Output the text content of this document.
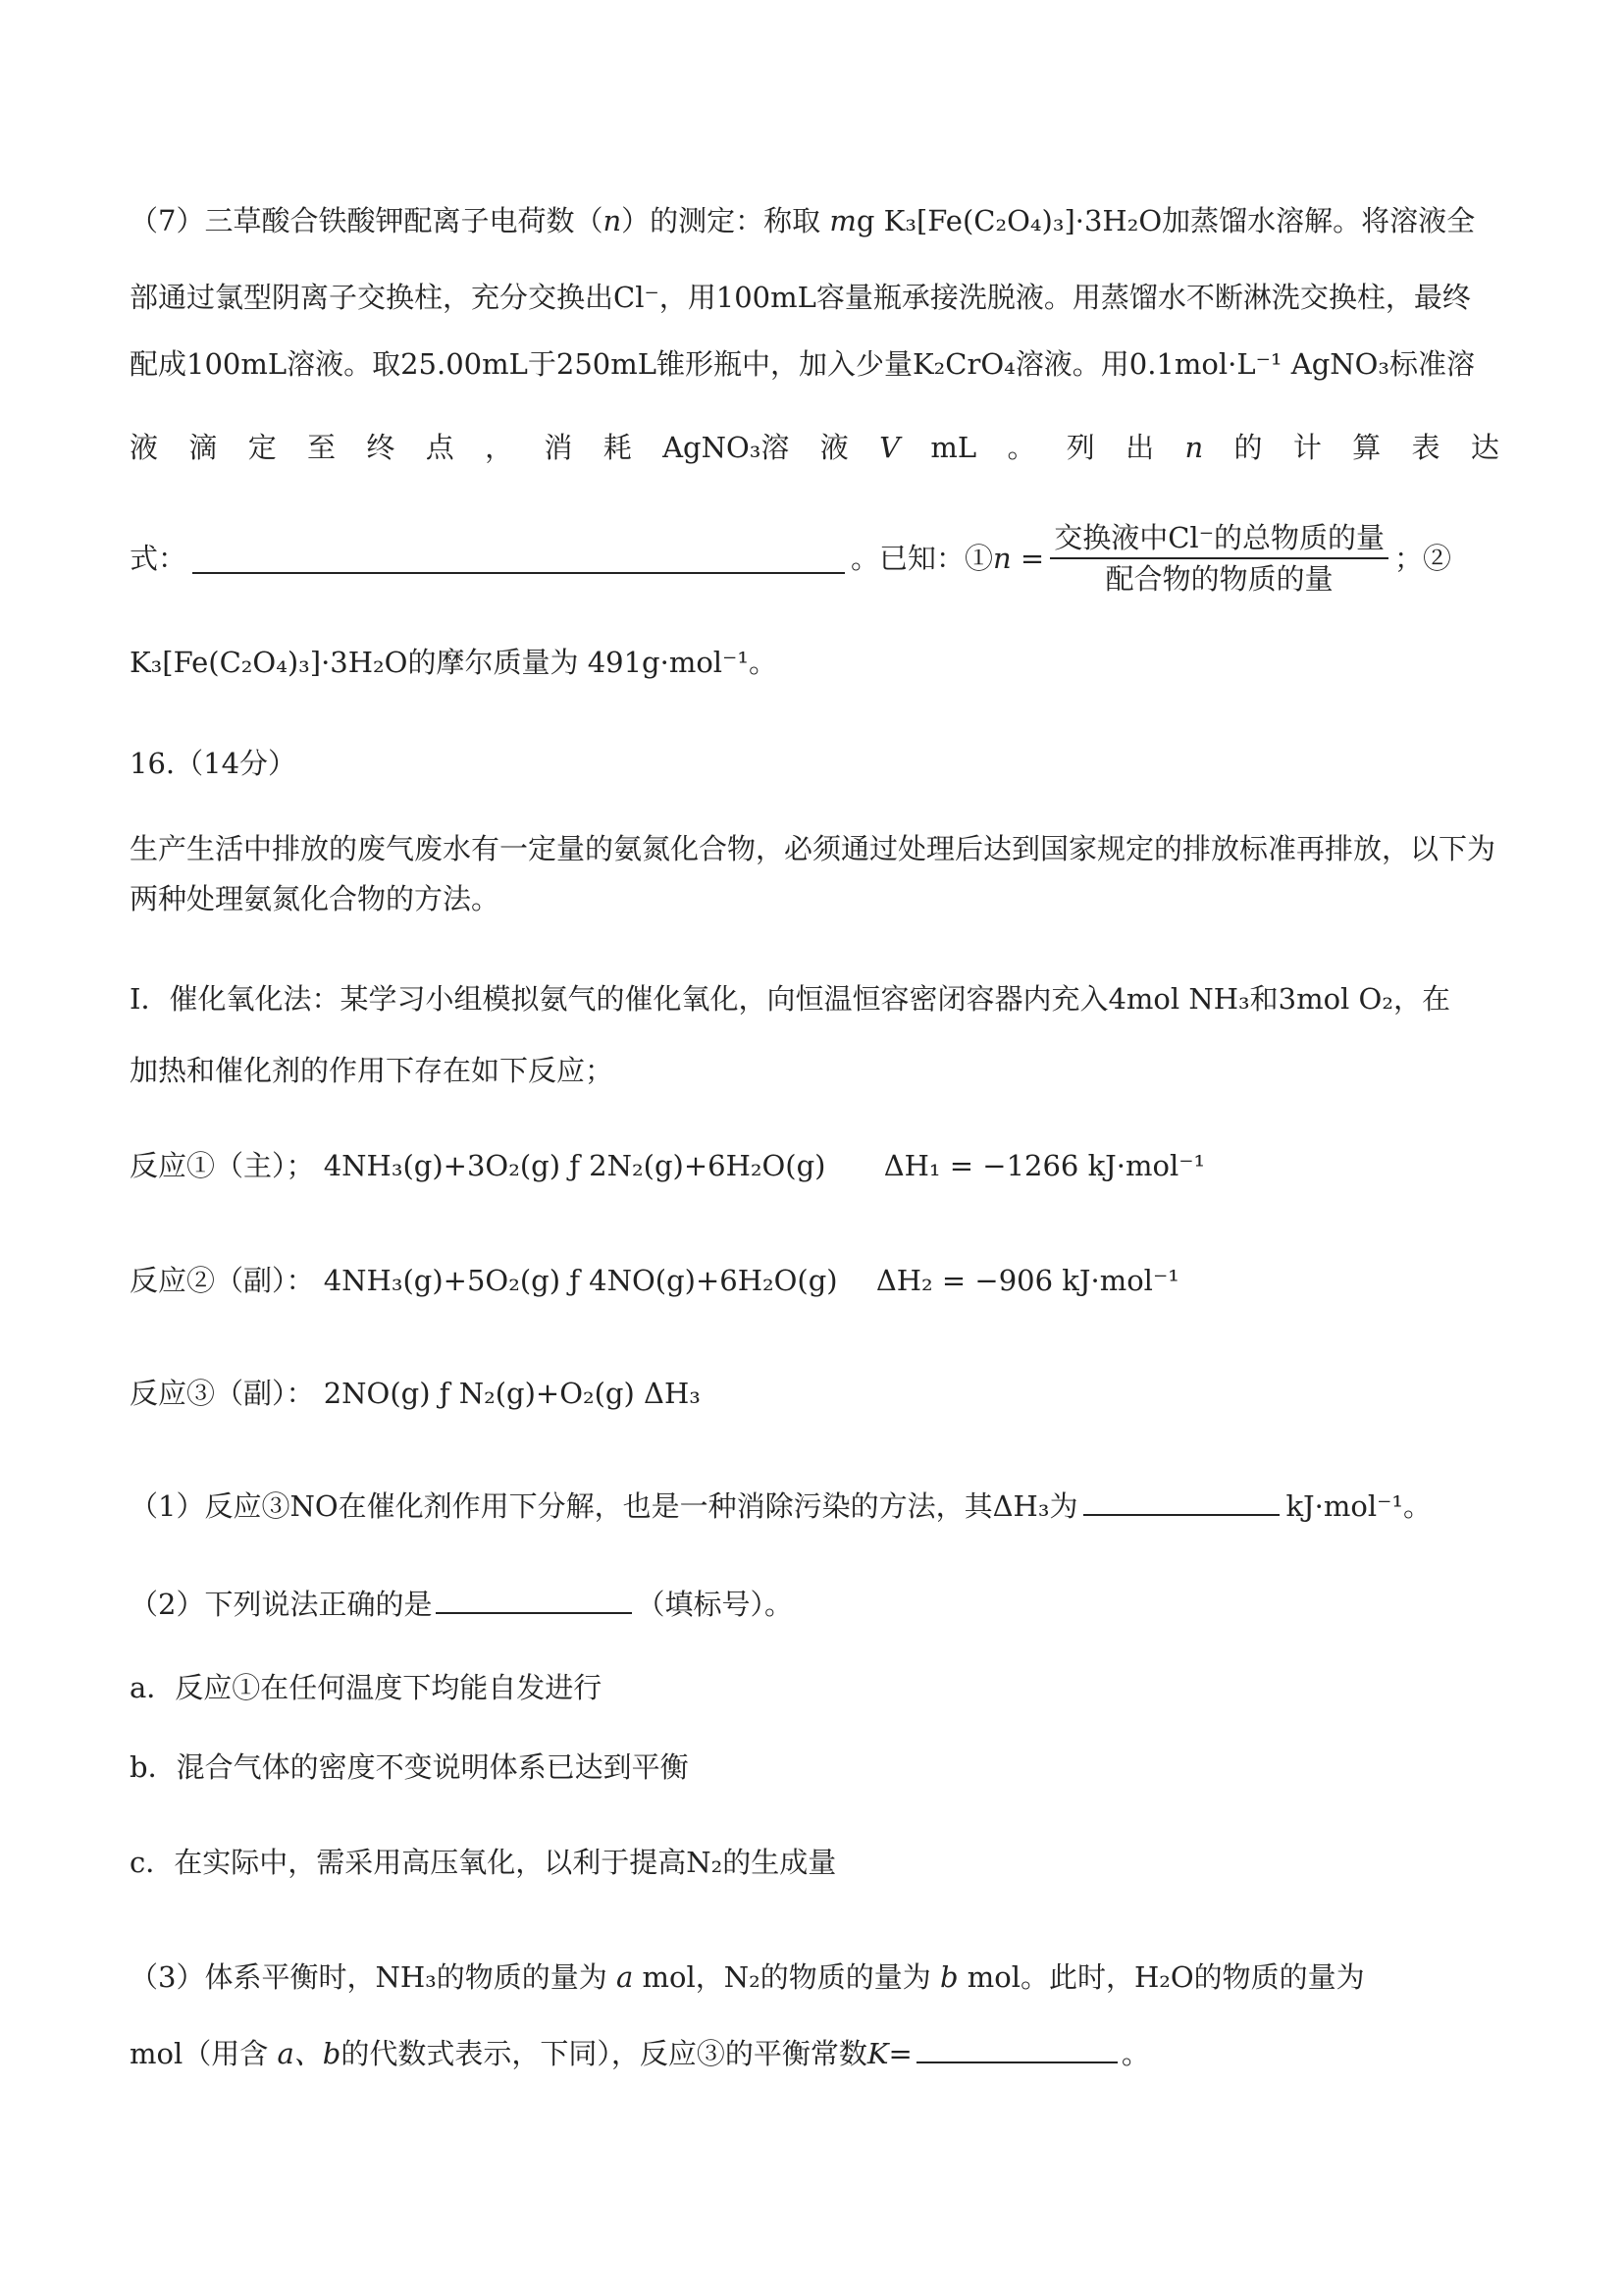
（7）三草酸合铁酸钾配离子电荷数（n）的测定：称取 mg K₃[Fe(C₂O₄)₃]·3H₂O加蒸馏水溶解。将溶液全
部通过氯型阴离子交换柱，充分交换出Cl⁻，用100mL容量瓶承接洗脱液。用蒸馏水不断淋洗交换柱，最终
配成100mL溶液。取25.00mL于250mL锥形瓶中，加入少量K₂CrO₄溶液。用0.1mol·L⁻¹ AgNO₃标准溶
液 滴 定 至 终 点 ， 消 耗 AgNO₃溶 液 V mL 。 列 出 n 的 计 算 表 达
式：	。已知：① $n = \frac{\text{交换液中Cl⁻的总物质的量}}{\text{配合物的物质的量}}$ ；②
K₃[Fe(C₂O₄)₃]·3H₂O的摩尔质量为 491g·mol⁻¹。
16.（14分）
生产生活中排放的废气废水有一定量的氨氮化合物，必须通过处理后达到国家规定的排放标准再排放，以下为
两种处理氨氮化合物的方法。
Ⅰ．催化氧化法：某学习小组模拟氨气的催化氧化，向恒温恒容密闭容器内充入4mol NH₃和3mol O₂，在
加热和催化剂的作用下存在如下反应；
反应①（主）； 4NH₃(g)+3O₂(g) ƒ 2N₂(g)+6H₂O(g) ΔH₁ = −1266 kJ·mol⁻¹
反应②（副）： 4NH₃(g)+5O₂(g) ƒ 4NO(g)+6H₂O(g) ΔH₂ = −906 kJ·mol⁻¹
反应③（副）： 2NO(g) ƒ N₂(g)+O₂(g) ΔH₃
（1）反应③NO在催化剂作用下分解，也是一种消除污染的方法，其ΔH₃为	kJ·mol⁻¹。
（2）下列说法正确的是	（填标号）。
a．反应①在任何温度下均能自发进行
b．混合气体的密度不变说明体系已达到平衡
c．在实际中，需采用高压氧化，以利于提高N₂的生成量
（3）体系平衡时，NH₃的物质的量为 a mol，N₂的物质的量为 b mol。此时，H₂O的物质的量为
mol（用含 a、b的代数式表示，下同），反应③的平衡常数K=	。
